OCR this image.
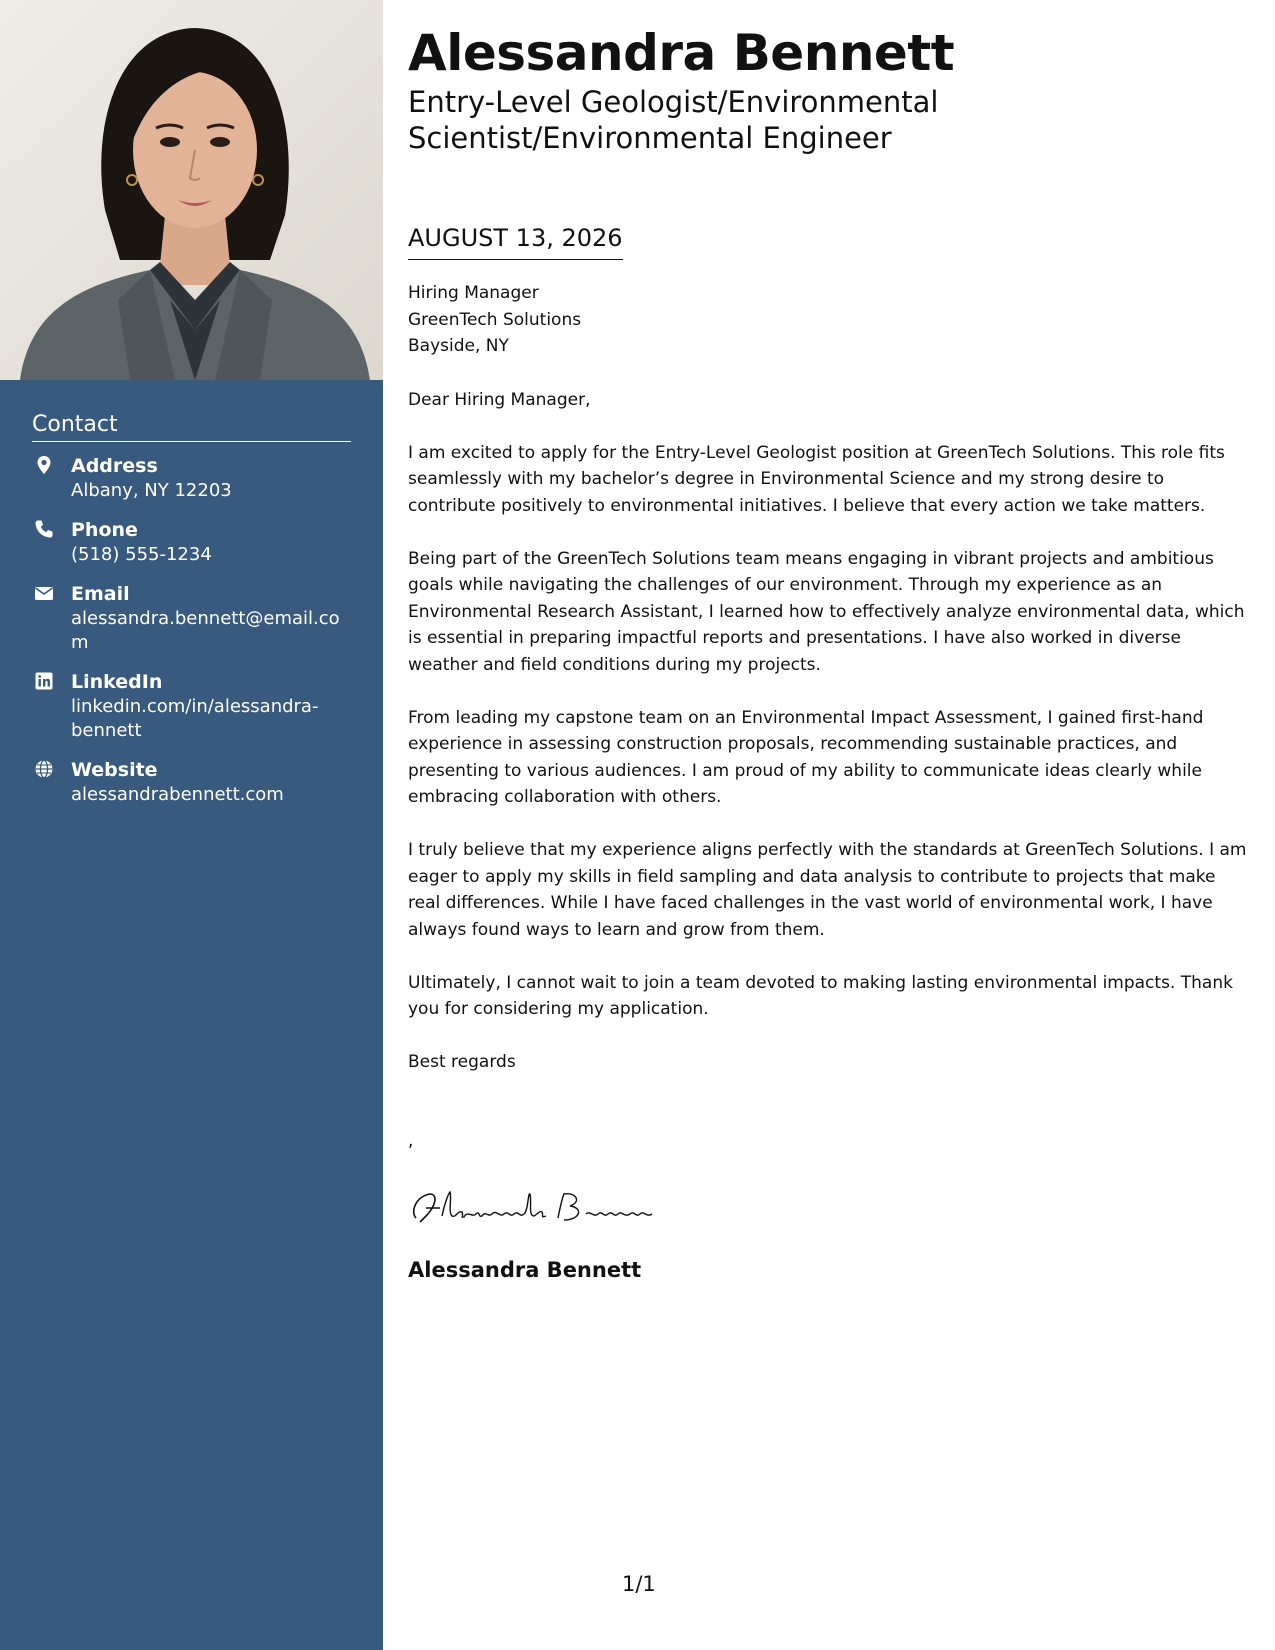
Contact
Address
Albany, NY 12203
Phone
(518) 555-1234
Email
alessandra.bennett@email.com
LinkedIn
linkedin.com/in/alessandra-bennett
Website
alessandrabennett.com
Alessandra Bennett
Entry-Level Geologist/Environmental Scientist/Environmental Engineer
AUGUST 13, 2026
Hiring Manager
GreenTech Solutions
Bayside, NY
Dear Hiring Manager,
I am excited to apply for the Entry-Level Geologist position at GreenTech Solutions. This role fits seamlessly with my bachelor’s degree in Environmental Science and my strong desire to contribute positively to environmental initiatives. I believe that every action we take matters.
Being part of the GreenTech Solutions team means engaging in vibrant projects and ambitious goals while navigating the challenges of our environment. Through my experience as an Environmental Research Assistant, I learned how to effectively analyze environmental data, which is essential in preparing impactful reports and presentations. I have also worked in diverse weather and field conditions during my projects.
From leading my capstone team on an Environmental Impact Assessment, I gained first-hand experience in assessing construction proposals, recommending sustainable practices, and presenting to various audiences. I am proud of my ability to communicate ideas clearly while embracing collaboration with others.
I truly believe that my experience aligns perfectly with the standards at GreenTech Solutions. I am eager to apply my skills in field sampling and data analysis to contribute to projects that make real differences. While I have faced challenges in the vast world of environmental work, I have always found ways to learn and grow from them.
Ultimately, I cannot wait to join a team devoted to making lasting environmental impacts. Thank you for considering my application.
Best regards
,
Alessandra Bennett
1/1
